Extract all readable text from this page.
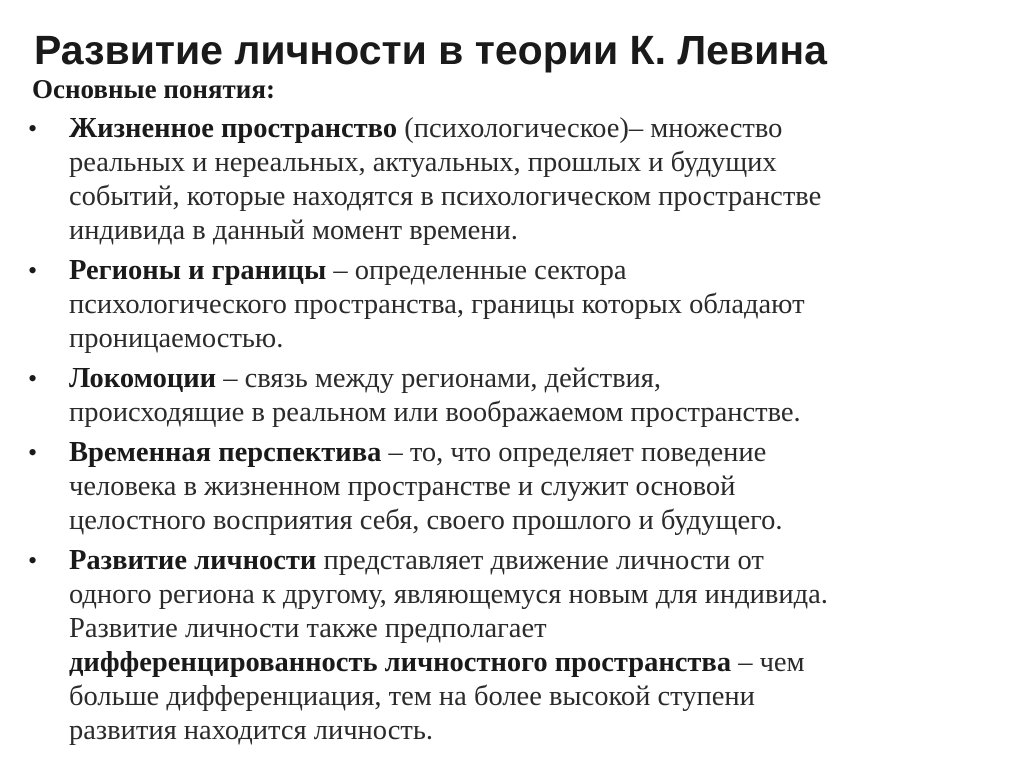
Развитие личности в теории К. Левина
Основные понятия:
• Жизненное пространство (психологическое)– множество
реальных и нереальных, актуальных, прошлых и будущих
событий, которые находятся в психологическом пространстве
индивида в данный момент времени.
• Регионы и границы – определенные сектора
психологического пространства, границы которых обладают
проницаемостью.
• Локомоции – связь между регионами, действия,
происходящие в реальном или воображаемом пространстве.
• Временная перспектива – то, что определяет поведение
человека в жизненном пространстве и служит основой
целостного восприятия себя, своего прошлого и будущего.
• Развитие личности представляет движение личности от
одного региона к другому, являющемуся новым для индивида.
Развитие личности также предполагает
дифференцированность личностного пространства – чем
больше дифференциация, тем на более высокой ступени
развития находится личность.
